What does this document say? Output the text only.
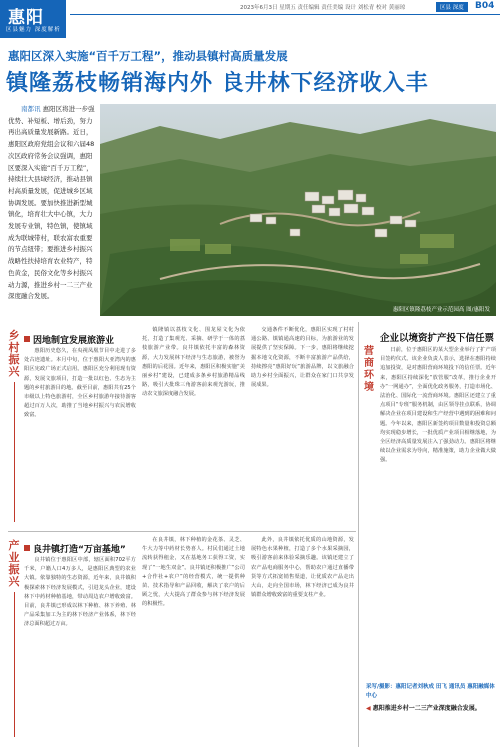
惠阳
区县魅力 深度解析
2023年6月3日 星期五 责任编辑 责任美编 设计 刘松青 校对 黄丽琼	区县 深度	B04
惠阳区深入实施“百千万工程”，推动县镇村高质量发展
镇隆荔枝畅销海内外 良井林下经济收入丰
南都讯 惠阳区将进一步强优势、补短板、增后劲，努力再出高质量发展新路。近日，惠阳区政府党组会议和六届48次区政府常务会议强调，惠阳区要深入实施“百千万工程”，持续壮大县域经济，推动县镇村高质量发展，促进城乡区域协调发展。要加快推进新型城镇化，培育壮大中心镇，大力发展专业镇，特色镇，使镇域成为联城带村，联农富农重要的节点纽带；要推进乡村振兴战略性扶持培育农业特产，特色黄金，民俗文化等乡村振兴动力源，推进乡村一二三产业深度融合发展。
惠阳区镇隆荔枝产业示范园高 图/惠阳发
乡村振兴
因地制宜发展旅游业
惠阳历史悠久，在央视凤凰节目中走进了多处古迹遗址。本月中旬，位于惠阳大亚湾内的惠阳区宪政广场正式启用。惠阳区充分利用现有资源，发展文旅项目，打造一批以红色、生态为主题的乡村旅游目的地。截至目前，惠阳共有25个市级以上特色旅游村，全区乡村旅游年接待游客超过百万人次，助推了当地乡村振兴与农民增收致富。
镇隆镇以荔枝文化、围龙屋文化为依托，打造了集观光、采摘、研学于一体的荔枝旅游产业带。良井镇依托丰富的森林资源，大力发展林下经济与生态旅游，被誉为惠阳的后花园。近年来，惠阳区积极实施“美丽乡村”建设，已建成多条乡村旅游精品线路，吸引大批珠三角游客前来观光游玩，推动农文旅深度融合发展。
交通条件不断优化，惠阳区实现了村村通公路、镇镇通高速的目标，为旅游业的发展提供了坚实保障。下一步，惠阳将继续挖掘本地文化资源，不断丰富旅游产品供给，持续擦亮“惠阳好玩”旅游品牌，以文旅融合助力乡村全面振兴，让群众在家门口共享发展成果。
产业振兴
良井镇打造“万亩基地”
良井镇位于惠阳区中部，辖区面积702平方千米，户籍人口4万多人，是惠阳区典型的农业大镇。依靠独特的生态资源，近年来，良井镇积极探索林下经济发展模式，引进龙头企业，建设林下中药材种植基地，带动周边农户增收致富。目前，良井镇已形成以林下种植、林下养殖、林产品采集加工为主的林下经济产业体系，林下经济总面积超过万亩。
在良井镇，林下种植的金花茶、灵芝、牛大力等中药材长势喜人。村民们通过土地流转获得租金，又在基地务工获得工资，实现了“一地生双金”。良井镇还积极推广“公司+合作社+农户”的经营模式，统一提供种苗、技术指导和产品回收，解决了农户的后顾之忧，大大提高了群众参与林下经济发展的积极性。
此外，良井镇依托优质的山地资源，发展特色水果种植，打造了多个水果采摘园，吸引游客前来体验采摘乐趣。该镇还建立了农产品电商服务中心，帮助农户通过直播带货等方式拓宽销售渠道，让优质农产品走出大山，走向全国市场，林下经济已成为良井镇群众增收致富的重要支柱产业。
营商环境
企业以境资扩产投下信任票
日前，位于惠阳区的某大型企业举行了扩产项目签约仪式。该企业负责人表示，选择在惠阳持续追加投资，是对惠阳营商环境投下的信任票。近年来，惠阳区持续深化“放管服”改革，推行企业开办“一网通办”，全面优化政务服务，打造市场化、法治化、国际化一流营商环境。惠阳区还建立了重点项目“专班”服务机制，由区领导挂点联系，协调解决企业在项目建设和生产经营中遇到的困难和问题。今年以来，惠阳区新签约项目数量和投资总额均实现稳步增长，一批优质产业项目相继落地，为全区经济高质量发展注入了强劲动力。惠阳区将继续以企业需求为导向，精准施策，助力企业做大做强。
采写/摄影：惠阳记者刘秋成 田飞 通讯员 惠阳融媒体中心
◀ 惠阳推进乡村一二三产业深度融合发展。
